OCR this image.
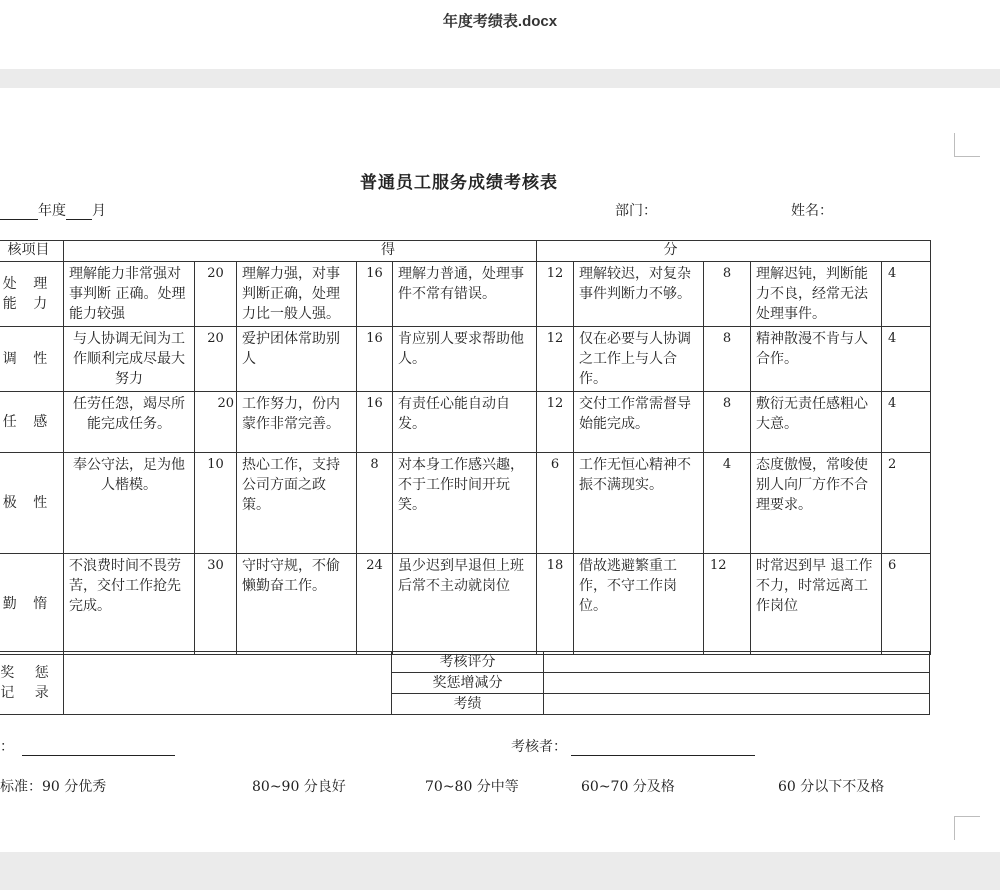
年度考绩表.docx
普通员工服务成绩考核表
年度 月	部门：	姓名：
核项目	得					分				
处 理
能 力	理解能力非常强对事判断 正确。处理能力较强	20	理解力强，对事判断正确，处理力比一般人强。	16	理解力普通，处理事件不常有错误。	12	理解较迟，对复杂事件判断力不够。	8	理解迟钝，判断能力不良，经常无法 处理事件。	4
调 性	与人协调无间为工作顺利完成尽最大努力	20	爱护团体常助别人	16	肯应别人要求帮助他人。	12	仅在必要与人协调之工作上与人合作。	8	精神散漫不肯与人合作。	4
任 感	任劳任怨，竭尽所能完成任务。	20	工作努力，份内蒙作非常完善。	16	有责任心能自动自发。	12	交付工作常需督导始能完成。	8	敷衍无责任感粗心大意。	4
极 性	奉公守法，足为他人楷模。	10	热心工作，支持公司方面之政策。	8	对本身工作感兴趣，不于工作时间开玩笑。	6	工作无恒心精神不振不满现实。	4	态度傲慢，常唆使别人向厂方作不合理要求。	2
勤 惰	不浪费时间不畏劳苦，交付工作抢先完成。	30	守时守规，不偷懒勤奋工作。	24	虽少迟到早退但上班后常不主动就岗位	18	借故逃避繁重工作，不守工作岗位。	12	时常迟到早 退工作不力，时常远离工作岗位	6
奖 惩
记 录		考核评分	
		奖惩增减分	
		考绩	
：	考核者：
标准：90 分优秀	80~90 分良好	70~80 分中等	60~70 分及格	60 分以下不及格
